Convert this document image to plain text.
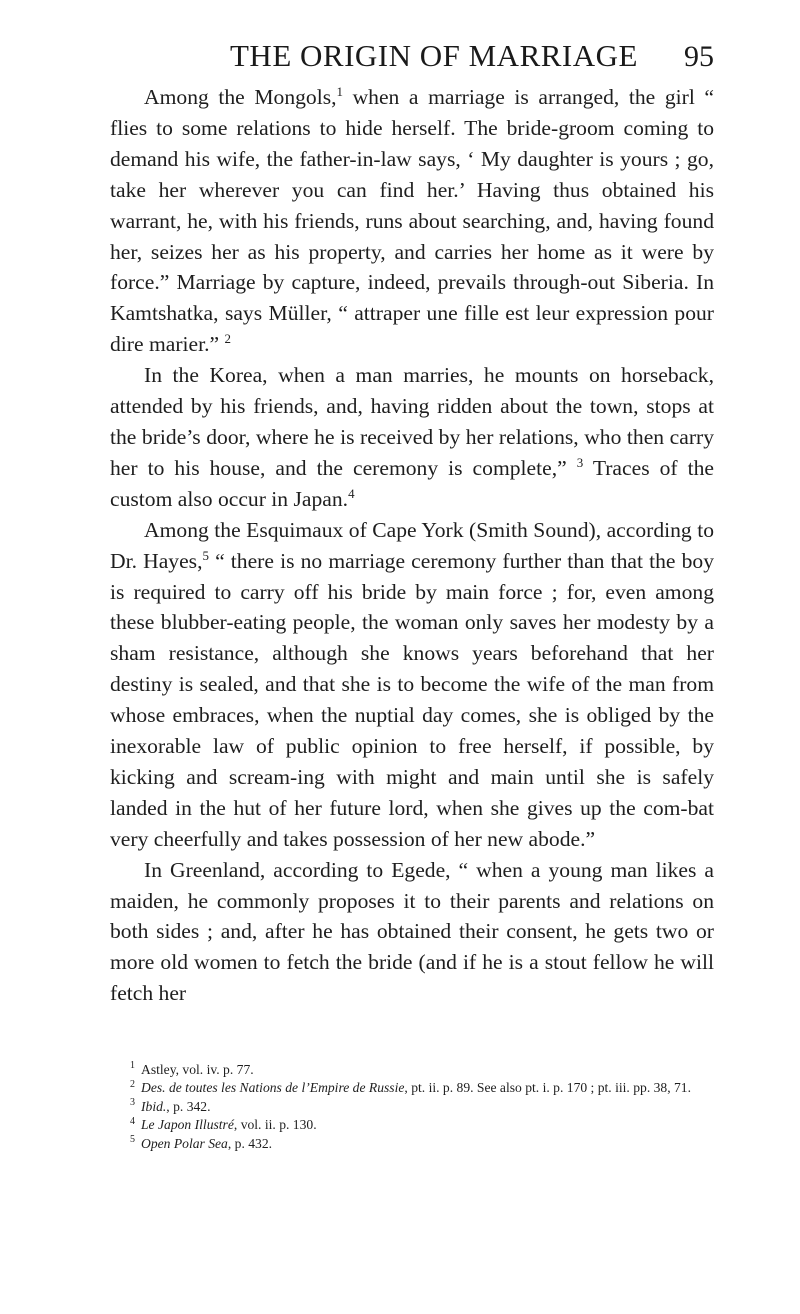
THE ORIGIN OF MARRIAGE 95

Among the Mongols,$^1$ when a marriage is arranged, the girl “ flies to some relations to hide herself. The bride-groom coming to demand his wife, the father-in-law says, ‘ My daughter is yours ; go, take her wherever you can find her.’ Having thus obtained his warrant, he, with his friends, runs about searching, and, having found her, seizes her as his property, and carries her home as it were by force.” Marriage by capture, indeed, prevails through-out Siberia. In Kamtshatka, says Müller, “ attraper une fille est leur expression pour dire marier.” $^2$

In the Korea, when a man marries, he mounts on horseback, attended by his friends, and, having ridden about the town, stops at the bride’s door, where he is received by her relations, who then carry her to his house, and the ceremony is complete,” $^3$ Traces of the custom also occur in Japan.$^4$

Among the Esquimaux of Cape York (Smith Sound), according to Dr. Hayes,$^5$ “ there is no marriage ceremony further than that the boy is required to carry off his bride by main force ; for, even among these blubber-eating people, the woman only saves her modesty by a sham resistance, although she knows years beforehand that her destiny is sealed, and that she is to become the wife of the man from whose embraces, when the nuptial day comes, she is obliged by the inexorable law of public opinion to free herself, if possible, by kicking and scream-ing with might and main until she is safely landed in the hut of her future lord, when she gives up the com-bat very cheerfully and takes possession of her new abode.”

In Greenland, according to Egede, “ when a young man likes a maiden, he commonly proposes it to their parents and relations on both sides ; and, after he has obtained their consent, he gets two or more old women to fetch the bride (and if he is a stout fellow he will fetch her

$^1$ Astley, vol. iv. p. 77.

$^2$ Des. de toutes les Nations de l’Empire de Russie, pt. ii. p. 89. See also pt. i. p. 170 ; pt. iii. pp. 38, 71.

$^3$ Ibid., p. 342.

$^4$ Le Japon Illustré, vol. ii. p. 130.

$^5$ Open Polar Sea, p. 432.
